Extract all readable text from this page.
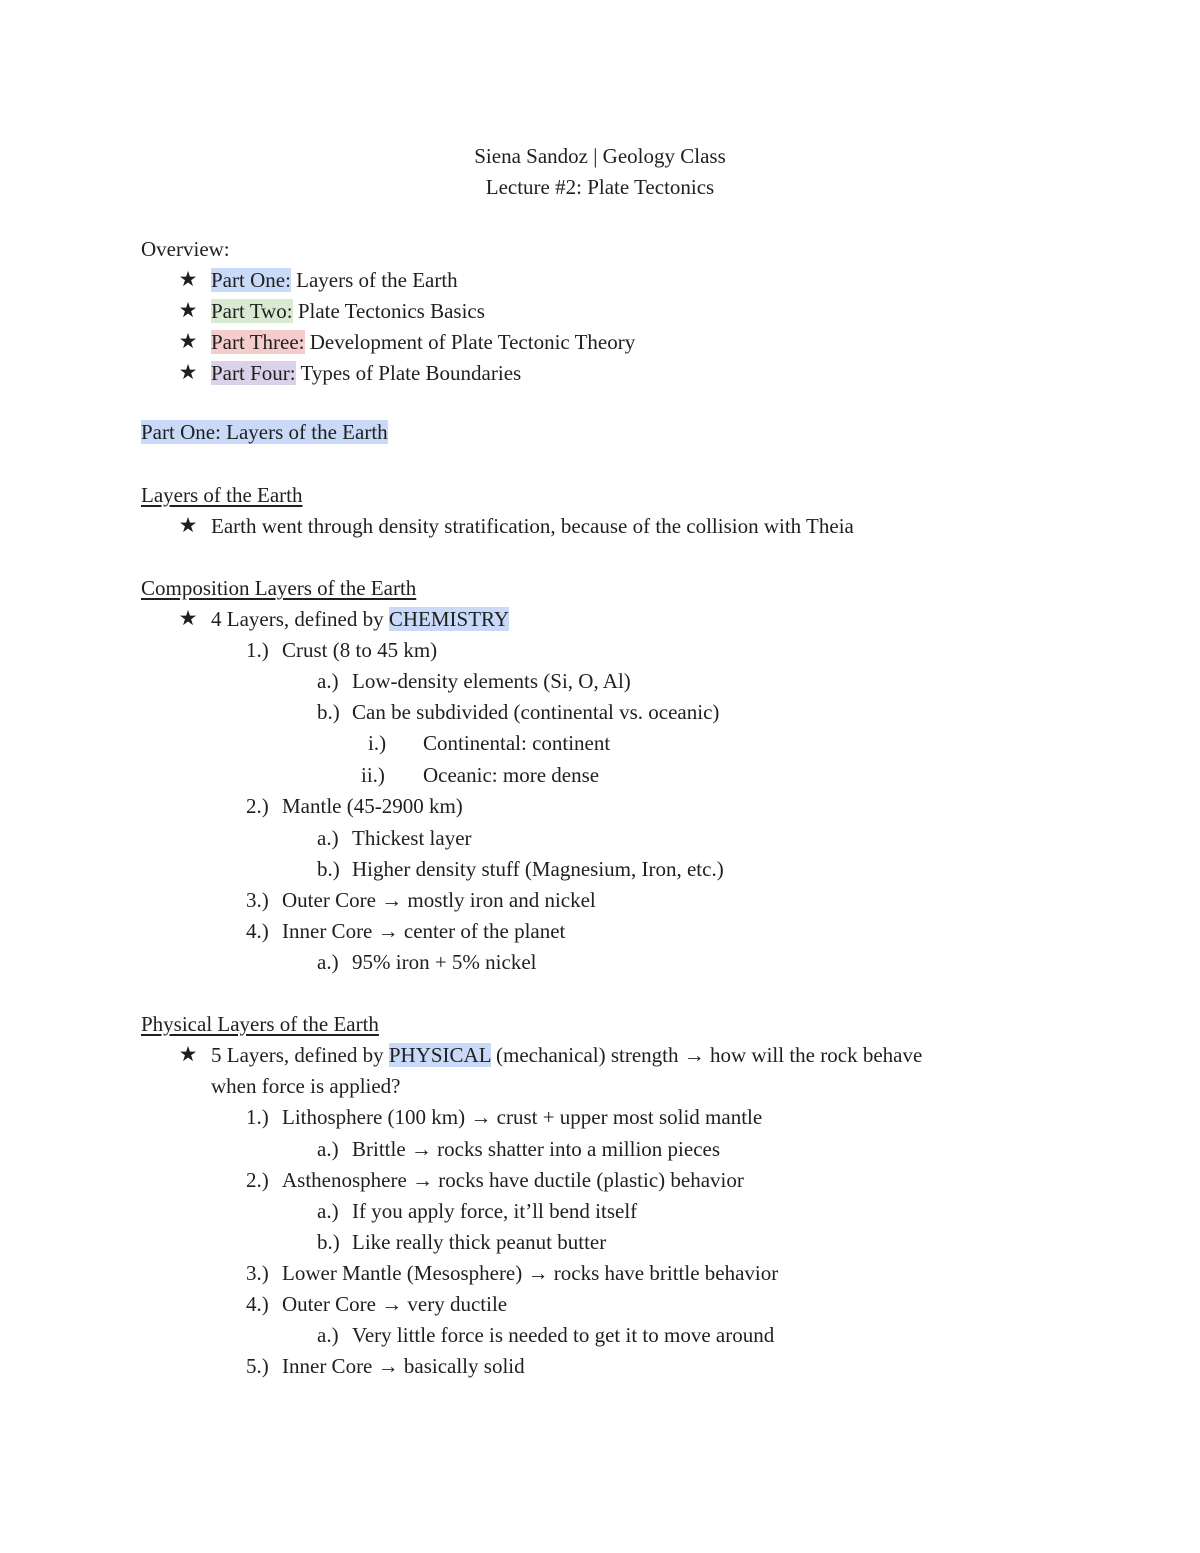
Siena Sandoz | Geology Class
Lecture #2: Plate Tectonics
Overview:
★ Part One: Layers of the Earth
★ Part Two: Plate Tectonics Basics
★ Part Three: Development of Plate Tectonic Theory
★ Part Four: Types of Plate Boundaries
Part One: Layers of the Earth
Layers of the Earth
★ Earth went through density stratification, because of the collision with Theia
Composition Layers of the Earth
★ 4 Layers, defined by CHEMISTRY
1.) Crust (8 to 45 km)
a.) Low-density elements (Si, O, Al)
b.) Can be subdivided (continental vs. oceanic)
i.) Continental: continent
ii.) Oceanic: more dense
2.) Mantle (45-2900 km)
a.) Thickest layer
b.) Higher density stuff (Magnesium, Iron, etc.)
3.) Outer Core → mostly iron and nickel
4.) Inner Core → center of the planet
a.) 95% iron + 5% nickel
Physical Layers of the Earth
★ 5 Layers, defined by PHYSICAL (mechanical) strength → how will the rock behave
when force is applied?
1.) Lithosphere (100 km) → crust + upper most solid mantle
a.) Brittle → rocks shatter into a million pieces
2.) Asthenosphere → rocks have ductile (plastic) behavior
a.) If you apply force, it’ll bend itself
b.) Like really thick peanut butter
3.) Lower Mantle (Mesosphere) → rocks have brittle behavior
4.) Outer Core → very ductile
a.) Very little force is needed to get it to move around
5.) Inner Core → basically solid
